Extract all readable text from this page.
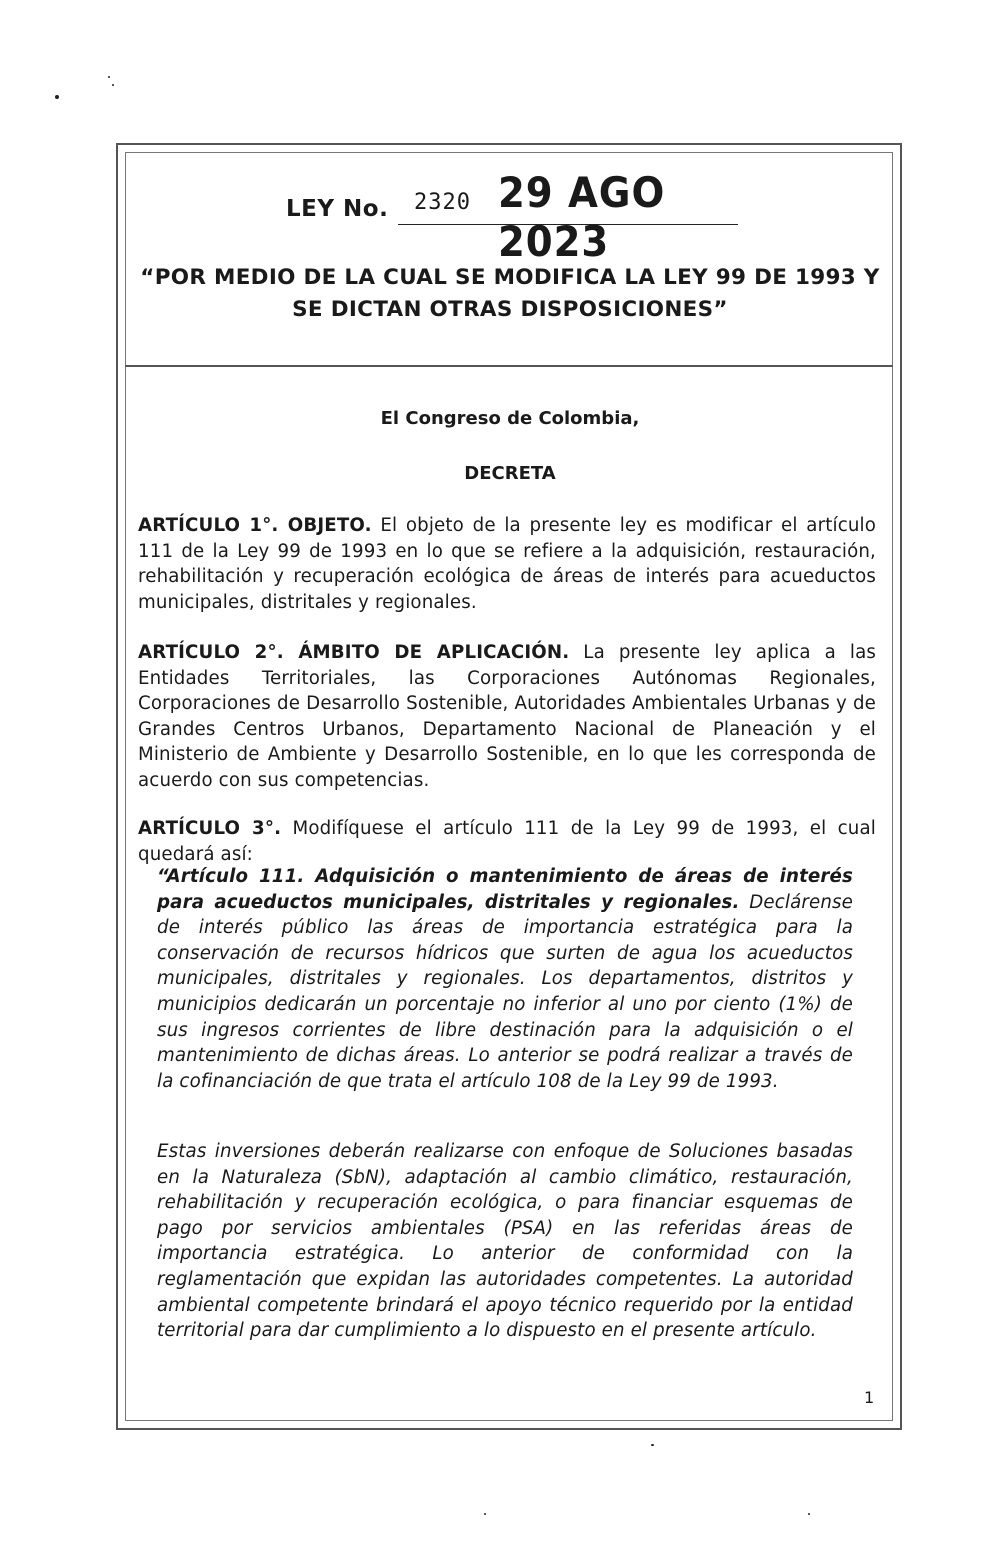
LEY No. 2320 29 AGO 2023
“POR MEDIO DE LA CUAL SE MODIFICA LA LEY 99 DE 1993 Y SE DICTAN OTRAS DISPOSICIONES”
El Congreso de Colombia,
DECRETA
ARTÍCULO 1°. OBJETO. El objeto de la presente ley es modificar el artículo 111 de la Ley 99 de 1993 en lo que se refiere a la adquisición, restauración, rehabilitación y recuperación ecológica de áreas de interés para acueductos municipales, distritales y regionales.
ARTÍCULO 2°. ÁMBITO DE APLICACIÓN. La presente ley aplica a las Entidades Territoriales, las Corporaciones Autónomas Regionales, Corporaciones de Desarrollo Sostenible, Autoridades Ambientales Urbanas y de Grandes Centros Urbanos, Departamento Nacional de Planeación y el Ministerio de Ambiente y Desarrollo Sostenible, en lo que les corresponda de acuerdo con sus competencias.
ARTÍCULO 3°. Modifíquese el artículo 111 de la Ley 99 de 1993, el cual quedará así:
“Artículo 111. Adquisición o mantenimiento de áreas de interés para acueductos municipales, distritales y regionales. Declárense de interés público las áreas de importancia estratégica para la conservación de recursos hídricos que surten de agua los acueductos municipales, distritales y regionales. Los departamentos, distritos y municipios dedicarán un porcentaje no inferior al uno por ciento (1%) de sus ingresos corrientes de libre destinación para la adquisición o el mantenimiento de dichas áreas. Lo anterior se podrá realizar a través de la cofinanciación de que trata el artículo 108 de la Ley 99 de 1993.
Estas inversiones deberán realizarse con enfoque de Soluciones basadas en la Naturaleza (SbN), adaptación al cambio climático, restauración, rehabilitación y recuperación ecológica, o para financiar esquemas de pago por servicios ambientales (PSA) en las referidas áreas de importancia estratégica. Lo anterior de conformidad con la reglamentación que expidan las autoridades competentes. La autoridad ambiental competente brindará el apoyo técnico requerido por la entidad territorial para dar cumplimiento a lo dispuesto en el presente artículo.
1
